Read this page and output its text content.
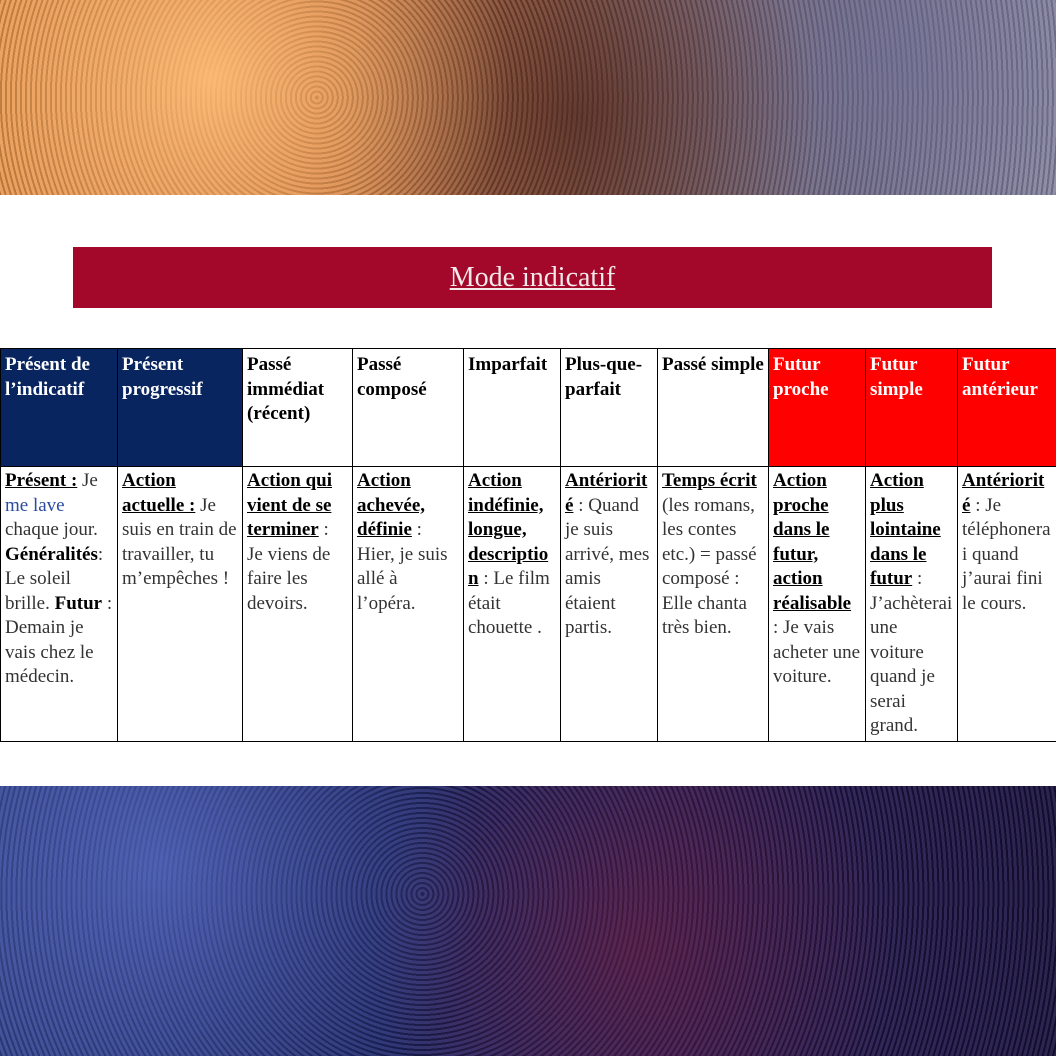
Mode indicatif
Présent de l’indicatif	Présent progressif	Passé immédiat (récent)	Passé composé	Imparfait	Plus-que-parfait	Passé simple	Futur proche	Futur simple	Futur antérieur
Présent : Je me lave chaque jour. Généralités: Le soleil brille. Futur : Demain je vais chez le médecin.	Action actuelle : Je suis en train de travailler, tu m’empêches !	Action qui vient de se terminer : Je viens de faire les devoirs.	Action achevée, définie : Hier, je suis allé à l’opéra.	Action indéfinie, longue, description : Le film était chouette .	Antériorité : Quand je suis arrivé, mes amis étaient partis.	Temps écrit (les romans, les contes etc.) = passé composé : Elle chanta très bien.	Action proche dans le futur, action réalisable : Je vais acheter une voiture.	Action plus lointaine dans le futur : J’achèterai une voiture quand je serai grand.	Antériorité : Je téléphonerai quand j’aurai fini le cours.
